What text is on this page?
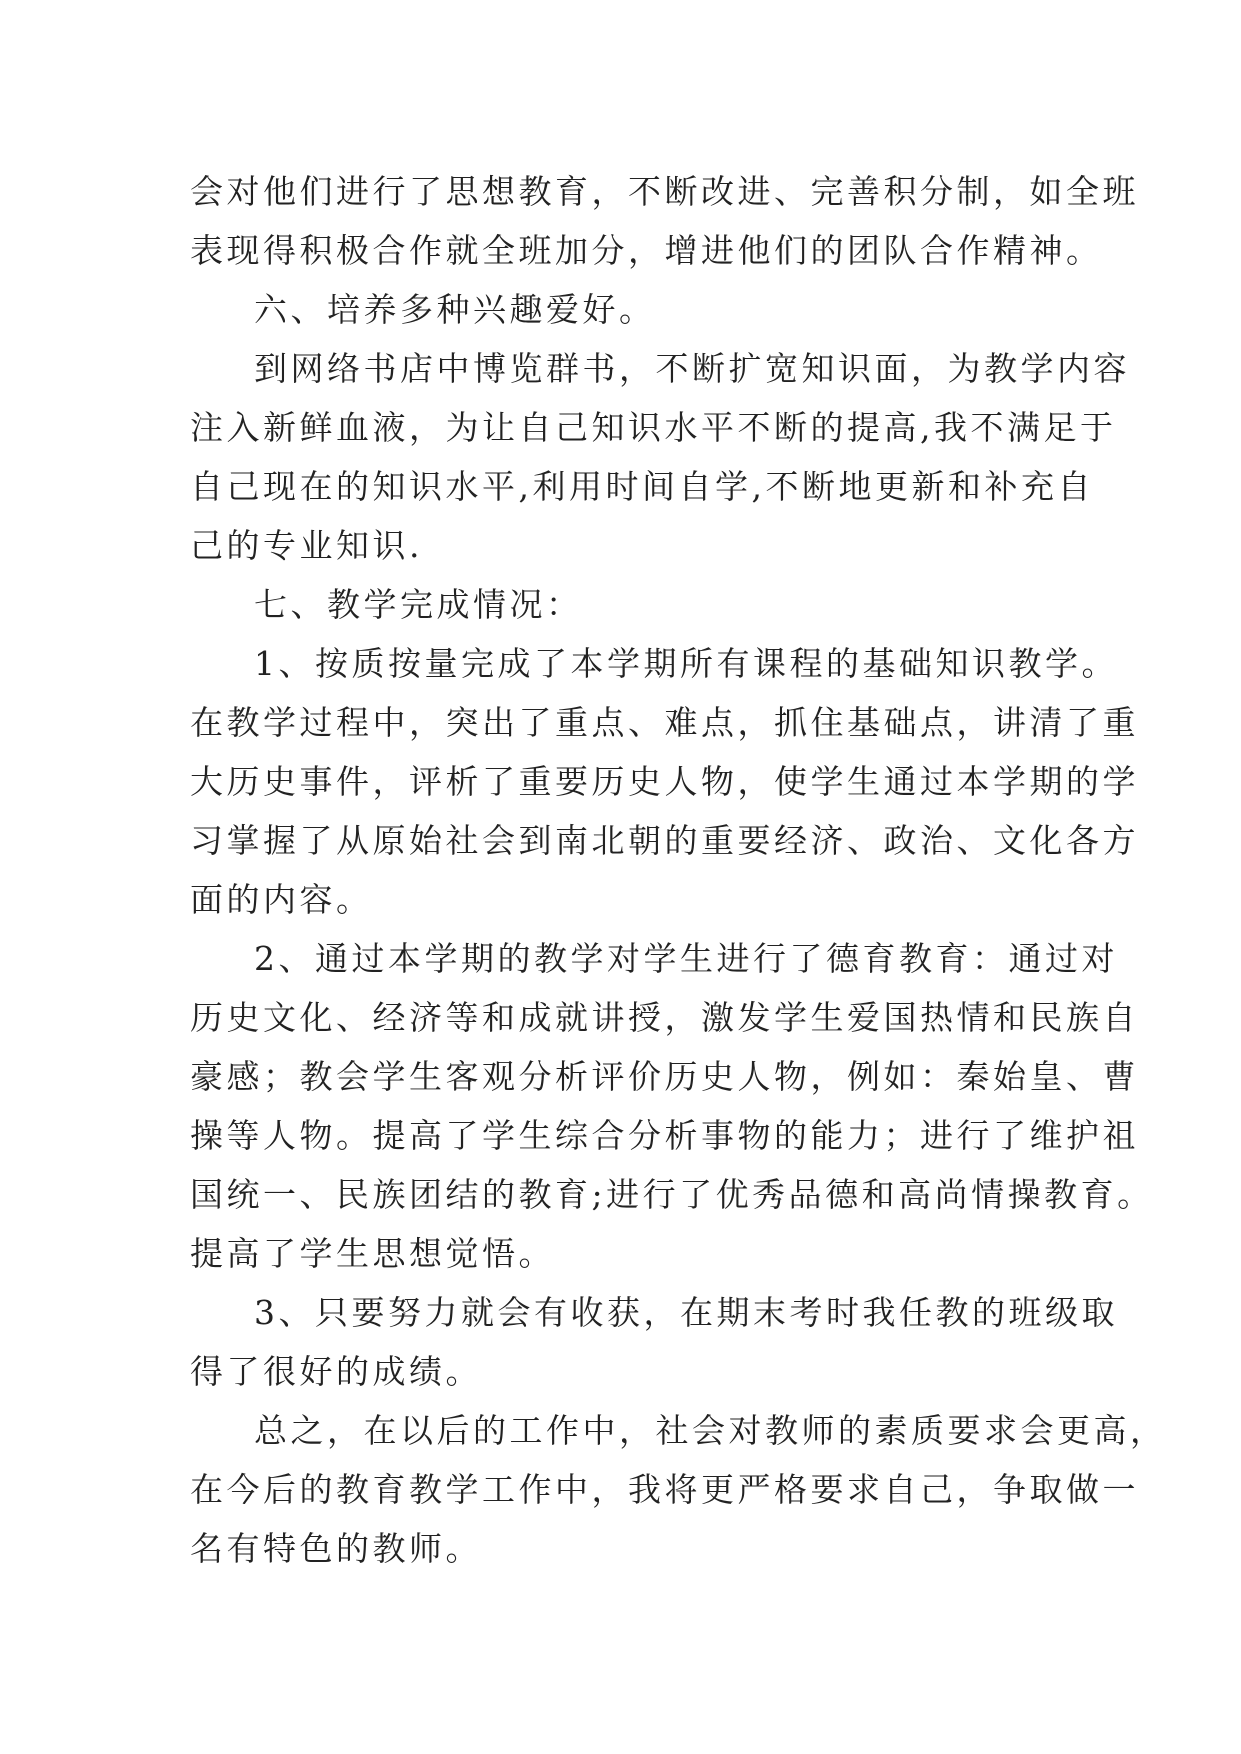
会对他们进行了思想教育，不断改进、完善积分制，如全班

表现得积极合作就全班加分，增进他们的团队合作精神。

六、培养多种兴趣爱好。

到网络书店中博览群书，不断扩宽知识面，为教学内容

注入新鲜血液，为让自己知识水平不断的提高,我不满足于

自己现在的知识水平,利用时间自学,不断地更新和补充自

己的专业知识.

七、教学完成情况：

1、按质按量完成了本学期所有课程的基础知识教学。

在教学过程中，突出了重点、难点，抓住基础点，讲清了重

大历史事件，评析了重要历史人物，使学生通过本学期的学

习掌握了从原始社会到南北朝的重要经济、政治、文化各方

面的内容。

2、通过本学期的教学对学生进行了德育教育：通过对

历史文化、经济等和成就讲授，激发学生爱国热情和民族自

豪感；教会学生客观分析评价历史人物，例如：秦始皇、曹

操等人物。提高了学生综合分析事物的能力；进行了维护祖

国统一、民族团结的教育;进行了优秀品德和高尚情操教育。

提高了学生思想觉悟。

3、只要努力就会有收获，在期末考时我任教的班级取

得了很好的成绩。

总之，在以后的工作中，社会对教师的素质要求会更高，

在今后的教育教学工作中，我将更严格要求自己，争取做一

名有特色的教师。
